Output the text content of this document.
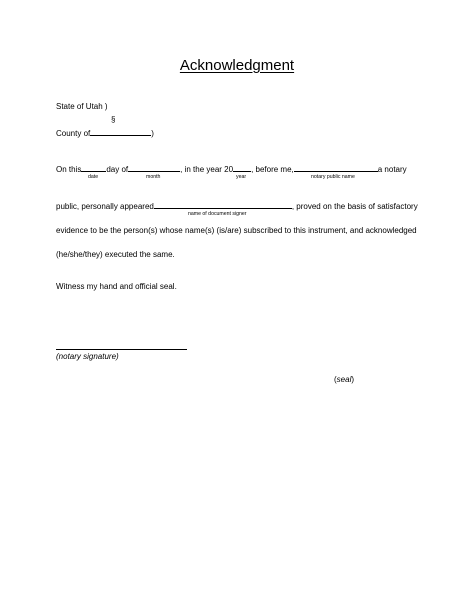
Acknowledgment
State of Utah )
§
County of	)
On this	day of	, in the year 20 , before me,	a notary
date	month	year	notary public name
public, personally appeared	, proved on the basis of satisfactory
name of document signer
evidence to be the person(s) whose name(s) (is/are) subscribed to this instrument, and acknowledged
(he/she/they) executed the same.
Witness my hand and official seal.
(notary signature)
(seal)
